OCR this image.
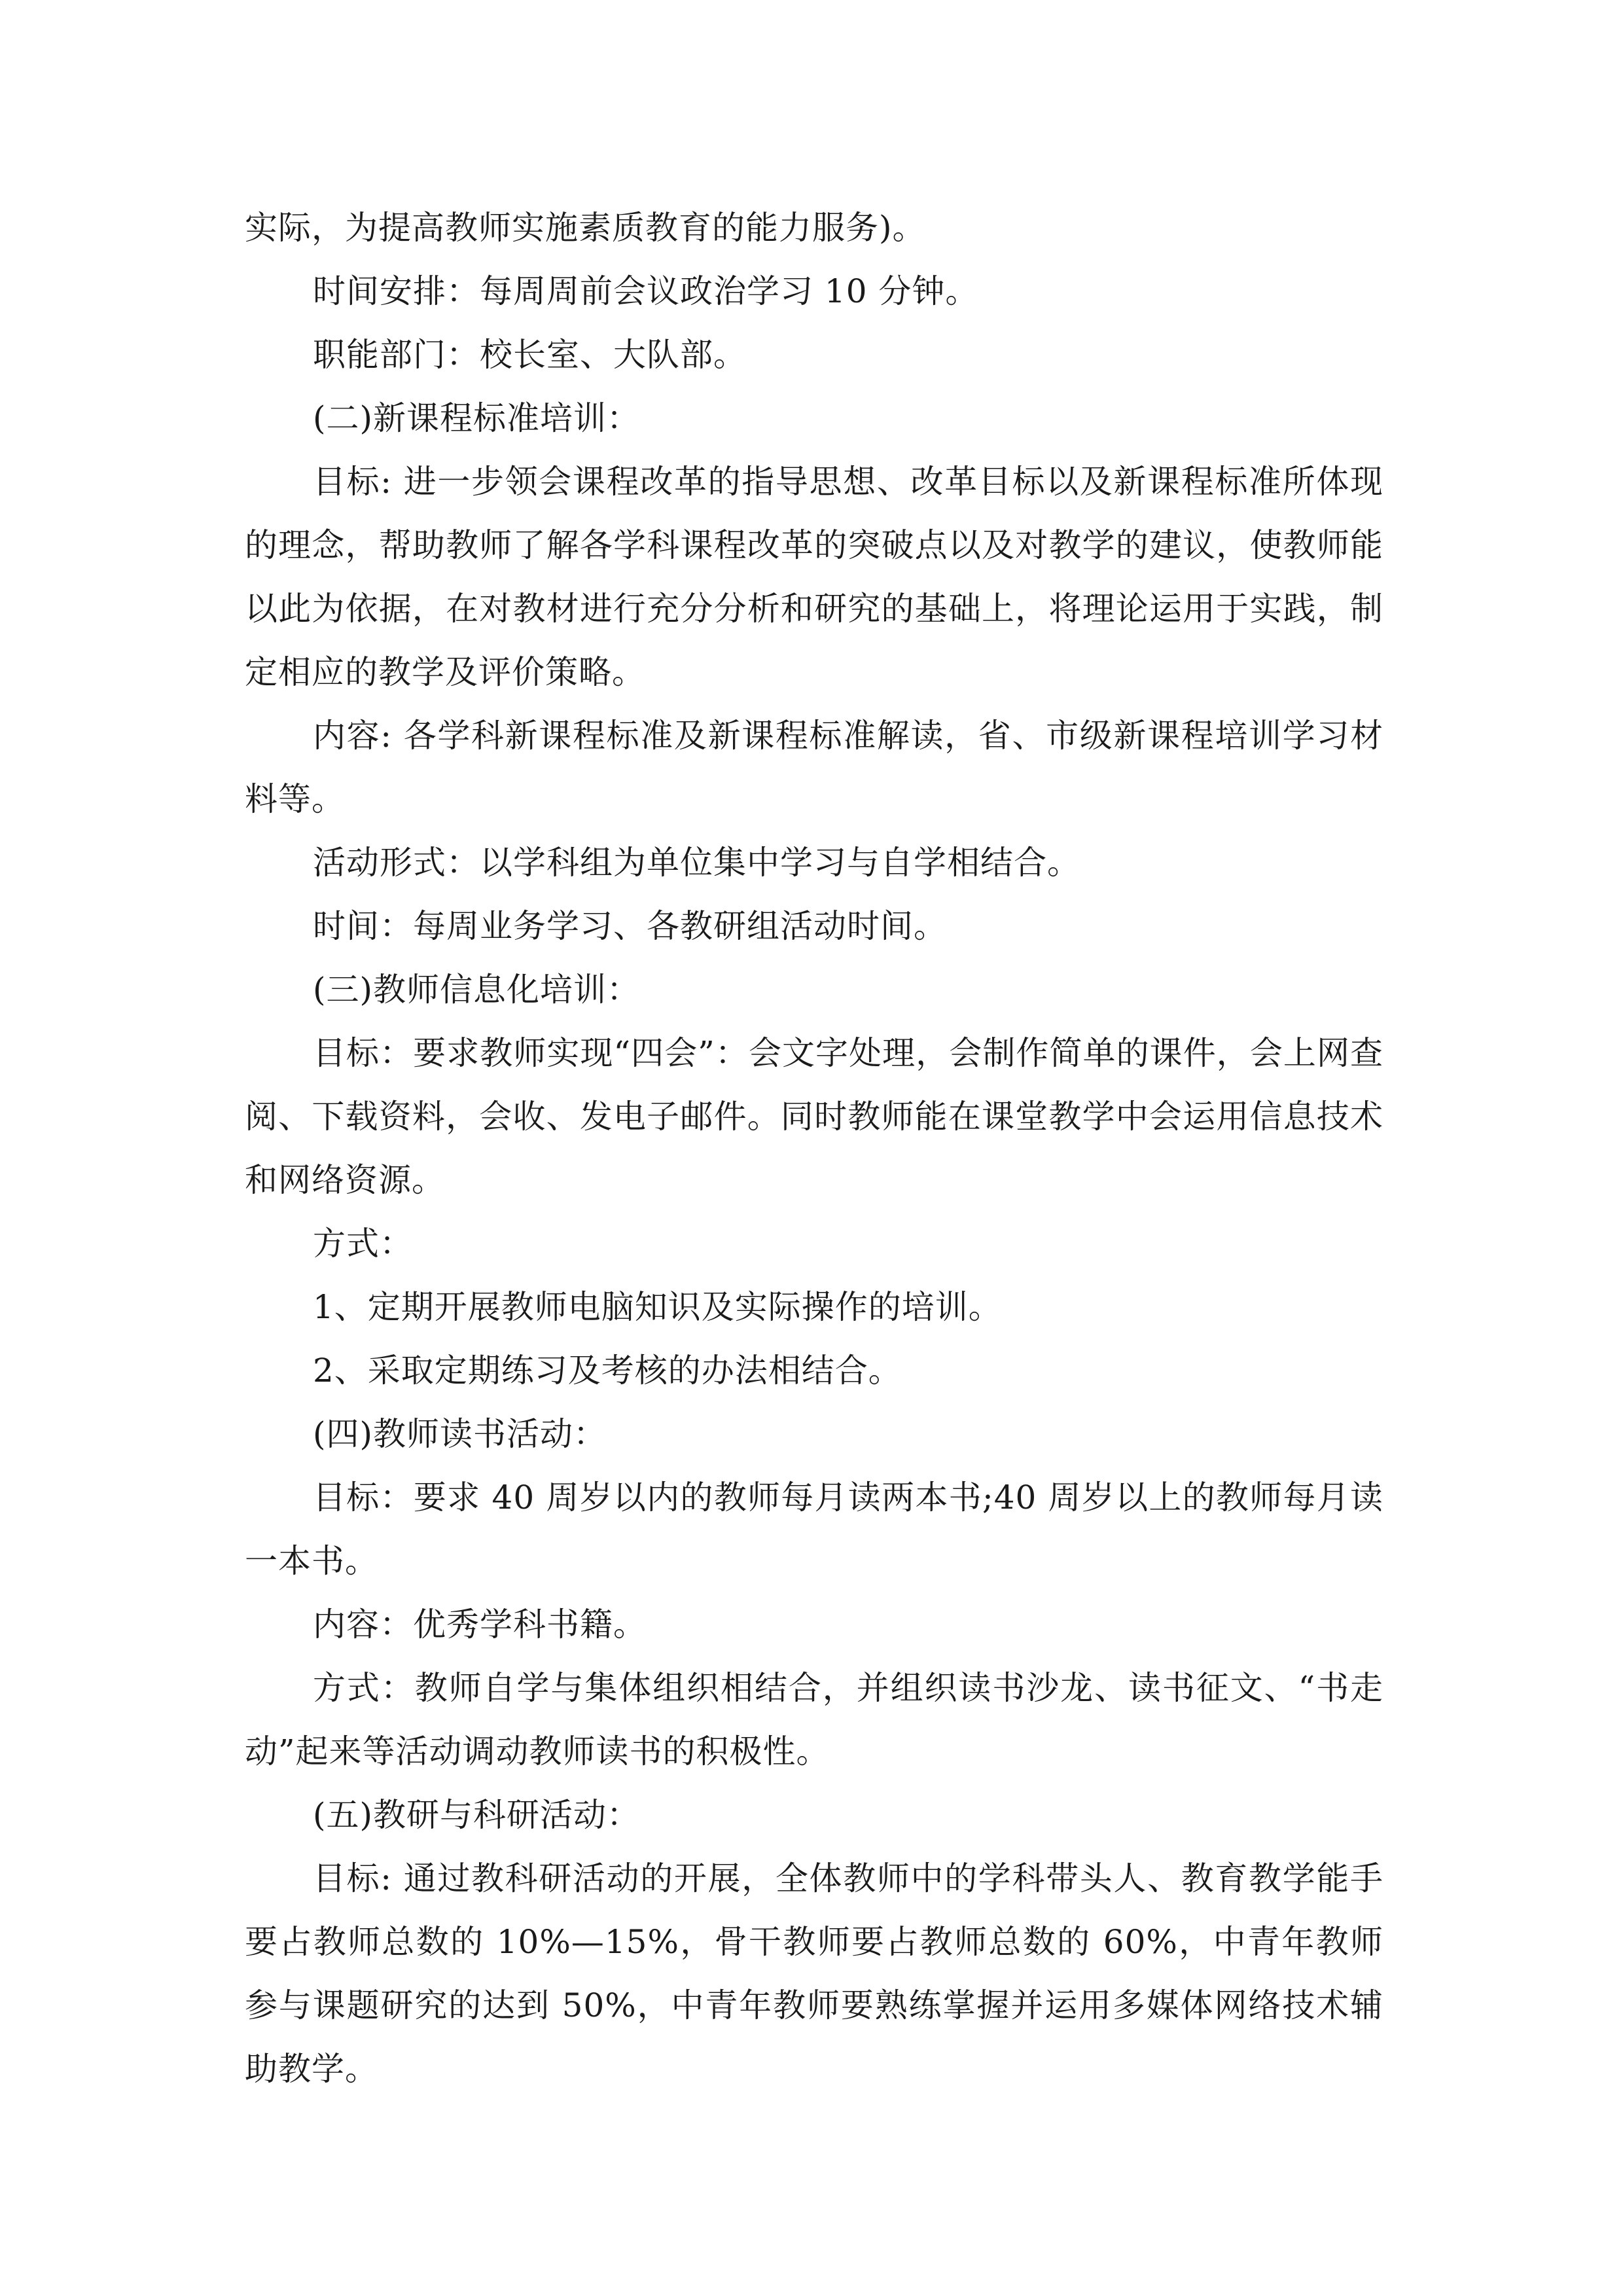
实际，为提高教师实施素质教育的能力服务)。

时间安排：每周周前会议政治学习 10 分钟。

职能部门：校长室、大队部。

(二)新课程标准培训：

目标: 进一步领会课程改革的指导思想、改革目标以及新课程标准所体现的理念，帮助教师了解各学科课程改革的突破点以及对教学的建议，使教师能以此为依据，在对教材进行充分分析和研究的基础上，将理论运用于实践，制定相应的教学及评价策略。

内容: 各学科新课程标准及新课程标准解读，省、市级新课程培训学习材料等。

活动形式：以学科组为单位集中学习与自学相结合。

时间：每周业务学习、各教研组活动时间。

(三)教师信息化培训：

目标：要求教师实现“四会”：会文字处理，会制作简单的课件，会上网查阅、下载资料，会收、发电子邮件。同时教师能在课堂教学中会运用信息技术和网络资源。

方式：

1、定期开展教师电脑知识及实际操作的培训。

2、采取定期练习及考核的办法相结合。

(四)教师读书活动：

目标：要求 40 周岁以内的教师每月读两本书;40 周岁以上的教师每月读一本书。

内容：优秀学科书籍。

方式：教师自学与集体组织相结合，并组织读书沙龙、读书征文、“书走动”起来等活动调动教师读书的积极性。

(五)教研与科研活动：

目标: 通过教科研活动的开展，全体教师中的学科带头人、教育教学能手要占教师总数的 10%—15%，骨干教师要占教师总数的 60%，中青年教师参与课题研究的达到 50%，中青年教师要熟练掌握并运用多媒体网络技术辅助教学。
